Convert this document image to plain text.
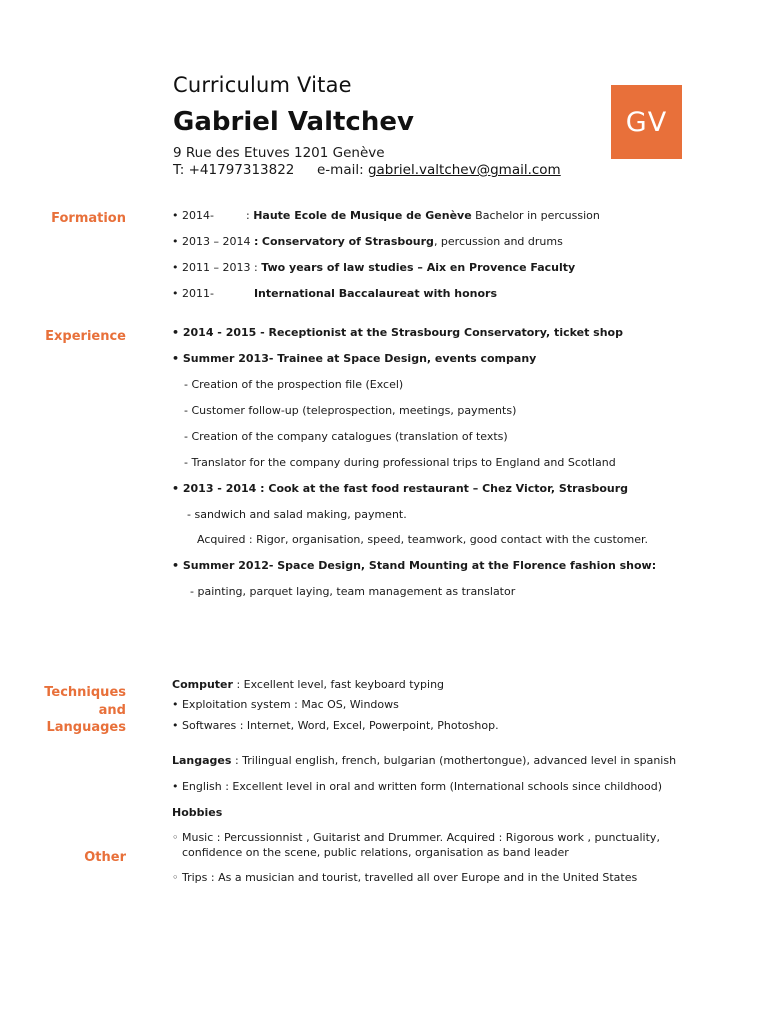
Curriculum Vitae
Gabriel Valtchev
9 Rue des Etuves 1201 Genève
T: +41797313822 e-mail: gabriel.valtchev@gmail.com
GV
Formation
Experience
Techniques
and
Languages
Other
• 2014-	: Haute Ecole de Musique de Genève Bachelor in percussion
• 2013 – 2014 : Conservatory of Strasbourg, percussion and drums
• 2011 – 2013 : Two years of law studies – Aix en Provence Faculty
• 2011-	International Baccalaureat with honors
• 2014 - 2015 - Receptionist at the Strasbourg Conservatory, ticket shop
• Summer 2013- Trainee at Space Design, events company
- Creation of the prospection file (Excel)
- Customer follow-up (teleprospection, meetings, payments)
- Creation of the company catalogues (translation of texts)
- Translator for the company during professional trips to England and Scotland
• 2013 - 2014 : Cook at the fast food restaurant – Chez Victor, Strasbourg
- sandwich and salad making, payment.
Acquired : Rigor, organisation, speed, teamwork, good contact with the customer.
• Summer 2012- Space Design, Stand Mounting at the Florence fashion show:
- painting, parquet laying, team management as translator
Computer : Excellent level, fast keyboard typing
• Exploitation system : Mac OS, Windows
• Softwares : Internet, Word, Excel, Powerpoint, Photoshop.
Langages : Trilingual english, french, bulgarian (mothertongue), advanced level in spanish
• English : Excellent level in oral and written form (International schools since childhood)
Hobbies
◦ Music : Percussionnist , Guitarist and Drummer. Acquired : Rigorous work , punctuality,
confidence on the scene, public relations, organisation as band leader
◦ Trips : As a musician and tourist, travelled all over Europe and in the United States
